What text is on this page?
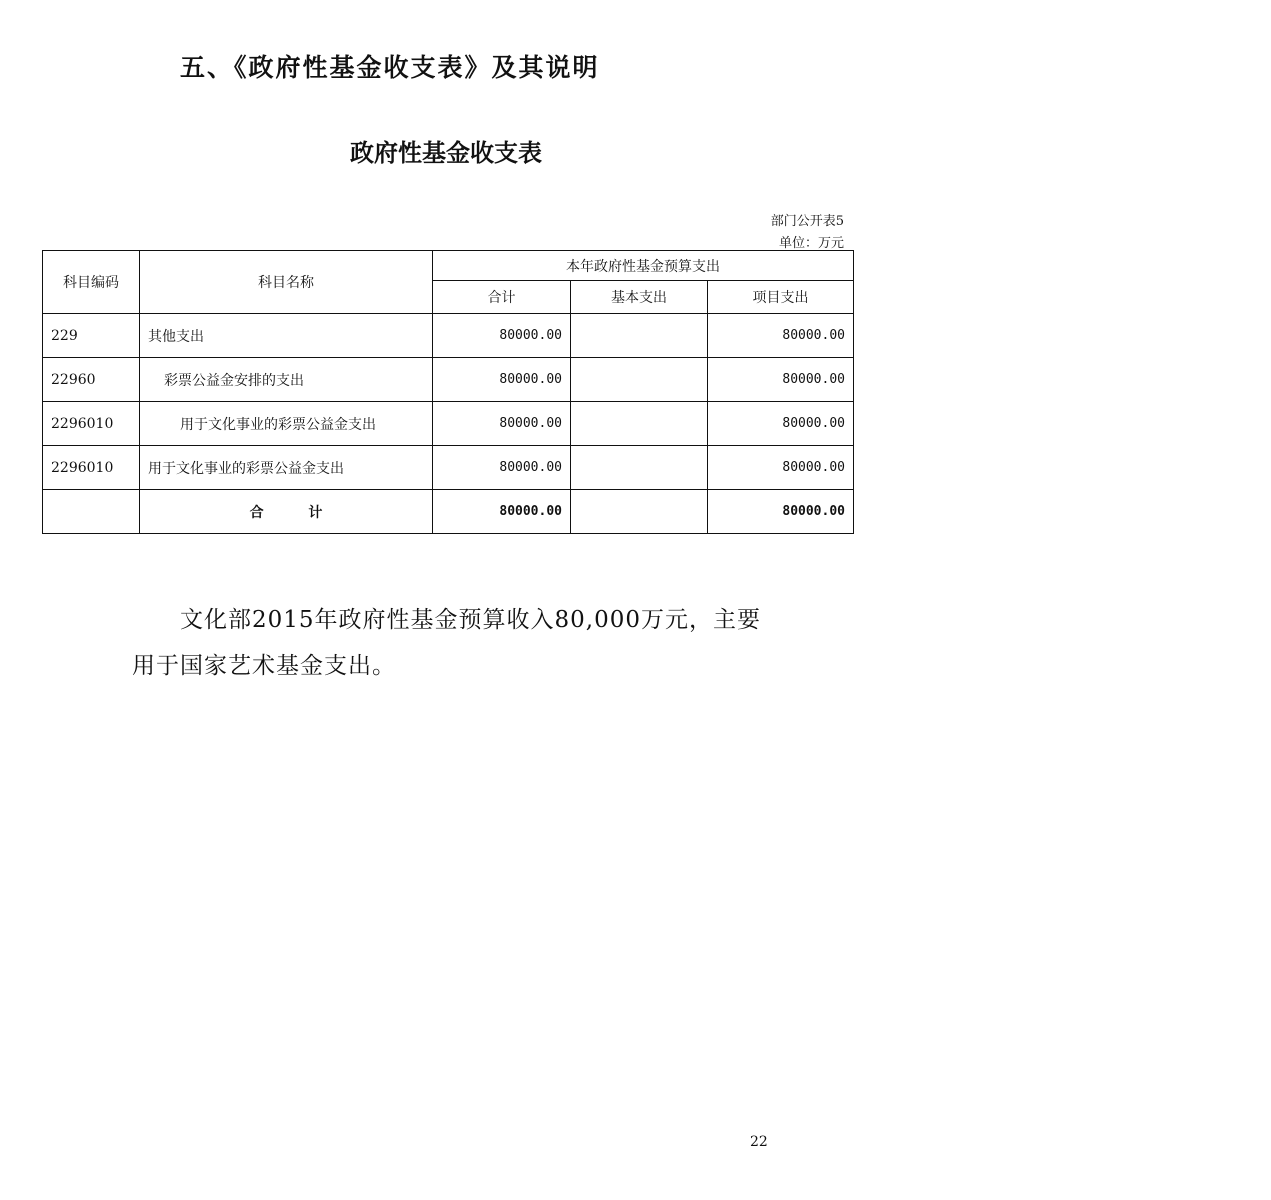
五、《政府性基金收支表》及其说明
政府性基金收支表
部门公开表5
单位：万元
科目编码	科目名称	本年政府性基金预算支出		
		合计	基本支出	项目支出
229	其他支出	80000.00		80000.00
22960	彩票公益金安排的支出	80000.00		80000.00
2296010	用于文化事业的彩票公益金支出	80000.00		80000.00
2296010	用于文化事业的彩票公益金支出	80000.00		80000.00
	合 计	80000.00		80000.00

文化部2015年政府性基金预算收入80,000万元，主要用于国家艺术基金支出。

22
